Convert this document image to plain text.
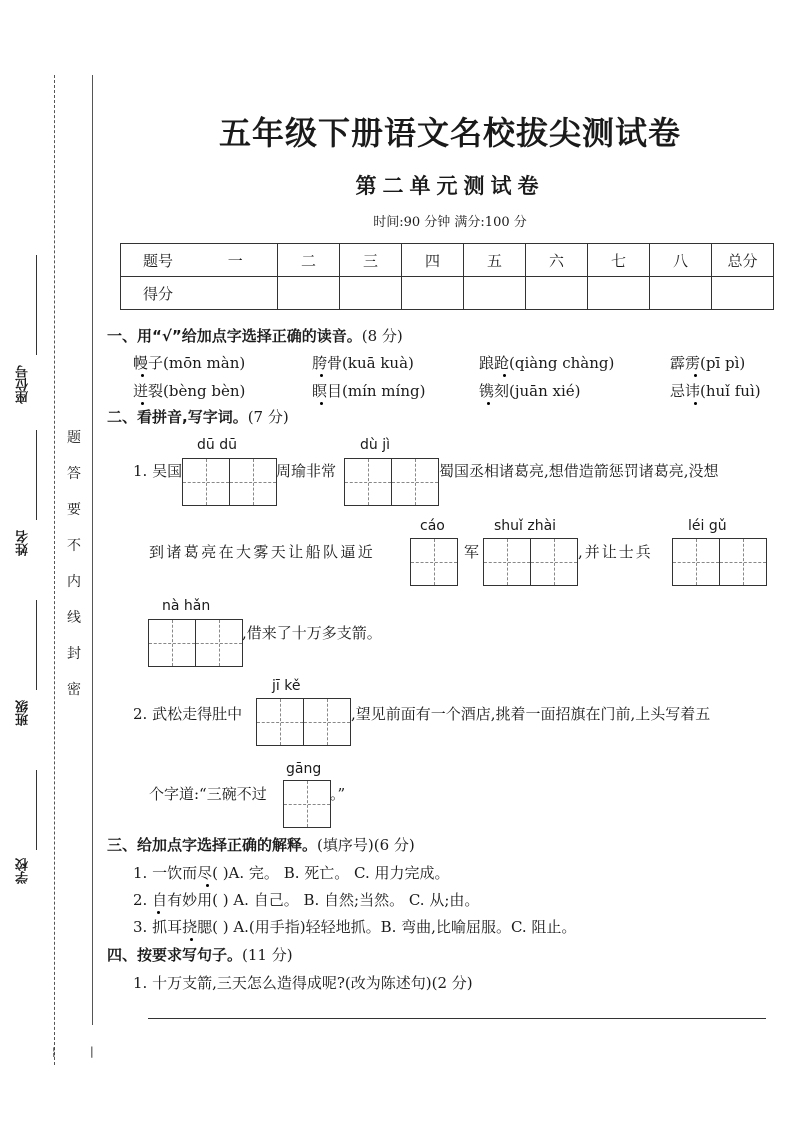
座位号
姓名
班级
学校
题
答
要
不
内
线
封
密
¦	|
五年级下册语文名校拔尖测试卷
第二单元测试卷
时间:90 分钟 满分:100 分
题号 一	二	三	四	五	六	七	八	总分
得分								
一、用“√”给加点字选择正确的读音。(8 分)
幔子(mōn màn)	胯骨(kuā kuà)	踉跄(qiàng chàng)	霹雳(pī pì)
迸裂(bèng bèn)	瞑目(mín míng)	镌刻(juān xié)	忌讳(huǐ fuì)
二、看拼音,写字词。(7 分)
1. 吴国
dū dū
周瑜非常
dù jì
蜀国丞相诸葛亮,想借造箭惩罚诸葛亮,没想
到诸葛亮在大雾天让船队逼近
cáo
军
shuǐ zhài
,并让士兵
léi gǔ
nà hǎn
,借来了十万多支箭。
2. 武松走得肚中
jī kě
,望见前面有一个酒店,挑着一面招旗在门前,上头写着五
个字道:“三碗不过
gāng
。”
三、给加点字选择正确的解释。(填序号)(6 分)
1. 一饮而尽( )A. 完。 B. 死亡。 C. 用力完成。
2. 自有妙用( ) A. 自己。 B. 自然;当然。 C. 从;由。
3. 抓耳挠腮( ) A.(用手指)轻轻地抓。B. 弯曲,比喻屈服。C. 阻止。
四、按要求写句子。(11 分)
1. 十万支箭,三天怎么造得成呢?(改为陈述句)(2 分)
